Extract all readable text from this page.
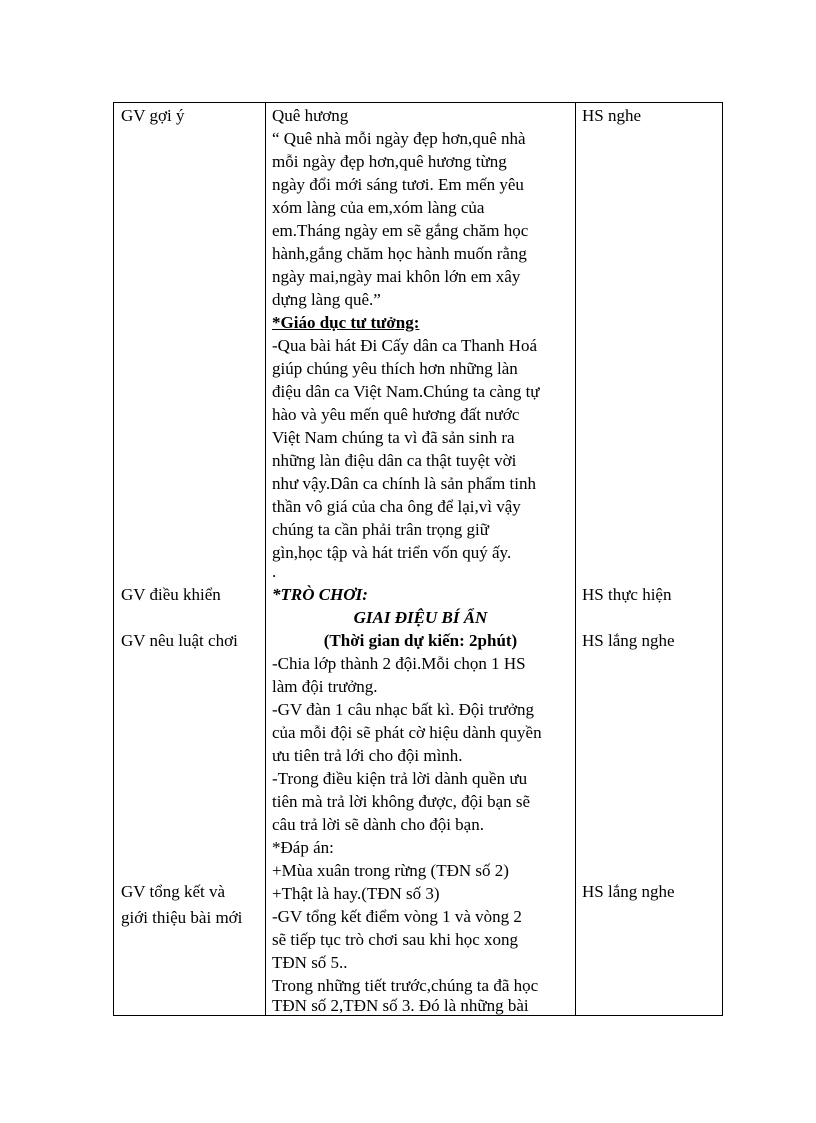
GV gợi ý
GV điều khiển
GV nêu luật chơi
GV tổng kết và
giới thiệu bài mới
Quê hương
“ Quê nhà mỗi ngày đẹp hơn,quê nhà
mỗi ngày đẹp hơn,quê hương từng
ngày đổi mới sáng tươi. Em mến yêu
xóm làng của em,xóm làng của
em.Tháng ngày em sẽ gắng chăm học
hành,gắng chăm học hành muốn rằng
ngày mai,ngày mai khôn lớn em xây
dựng làng quê.”
*Giáo dục tư tưởng:
-Qua bài hát Đi Cấy dân ca Thanh Hoá
giúp chúng yêu thích hơn những làn
điệu dân ca Việt Nam.Chúng ta càng tự
hào và yêu mến quê hương đất nước
Việt Nam chúng ta vì đã sản sinh ra
những làn điệu dân ca thật tuyệt vời
như vậy.Dân ca chính là sản phẩm tinh
thần vô giá của cha ông để lại,vì vậy
chúng ta cần phải trân trọng giữ
gìn,học tập và hát triển vốn quý ấy.
.
*TRÒ CHƠI:
GIAI ĐIỆU BÍ ẨN
(Thời gian dự kiến: 2phút)
-Chia lớp thành 2 đội.Mỗi chọn 1 HS
làm đội trưởng.
-GV đàn 1 câu nhạc bất kì. Đội trưởng
của mỗi đội sẽ phát cờ hiệu dành quyền
ưu tiên trả lới cho đội mình.
-Trong điều kiện trả lời dành quền ưu
tiên mà trả lời không được, đội bạn sẽ
câu trả lời sẽ dành cho đội bạn.
*Đáp án:
+Mùa xuân trong rừng (TĐN số 2)
+Thật là hay.(TĐN số 3)
-GV tổng kết điểm vòng 1 và vòng 2
sẽ tiếp tục trò chơi sau khi học xong
TĐN số 5..
Trong những tiết trước,chúng ta đã học
TĐN số 2,TĐN số 3. Đó là những bài
HS nghe
HS thực hiện
HS lắng nghe
HS lắng nghe
